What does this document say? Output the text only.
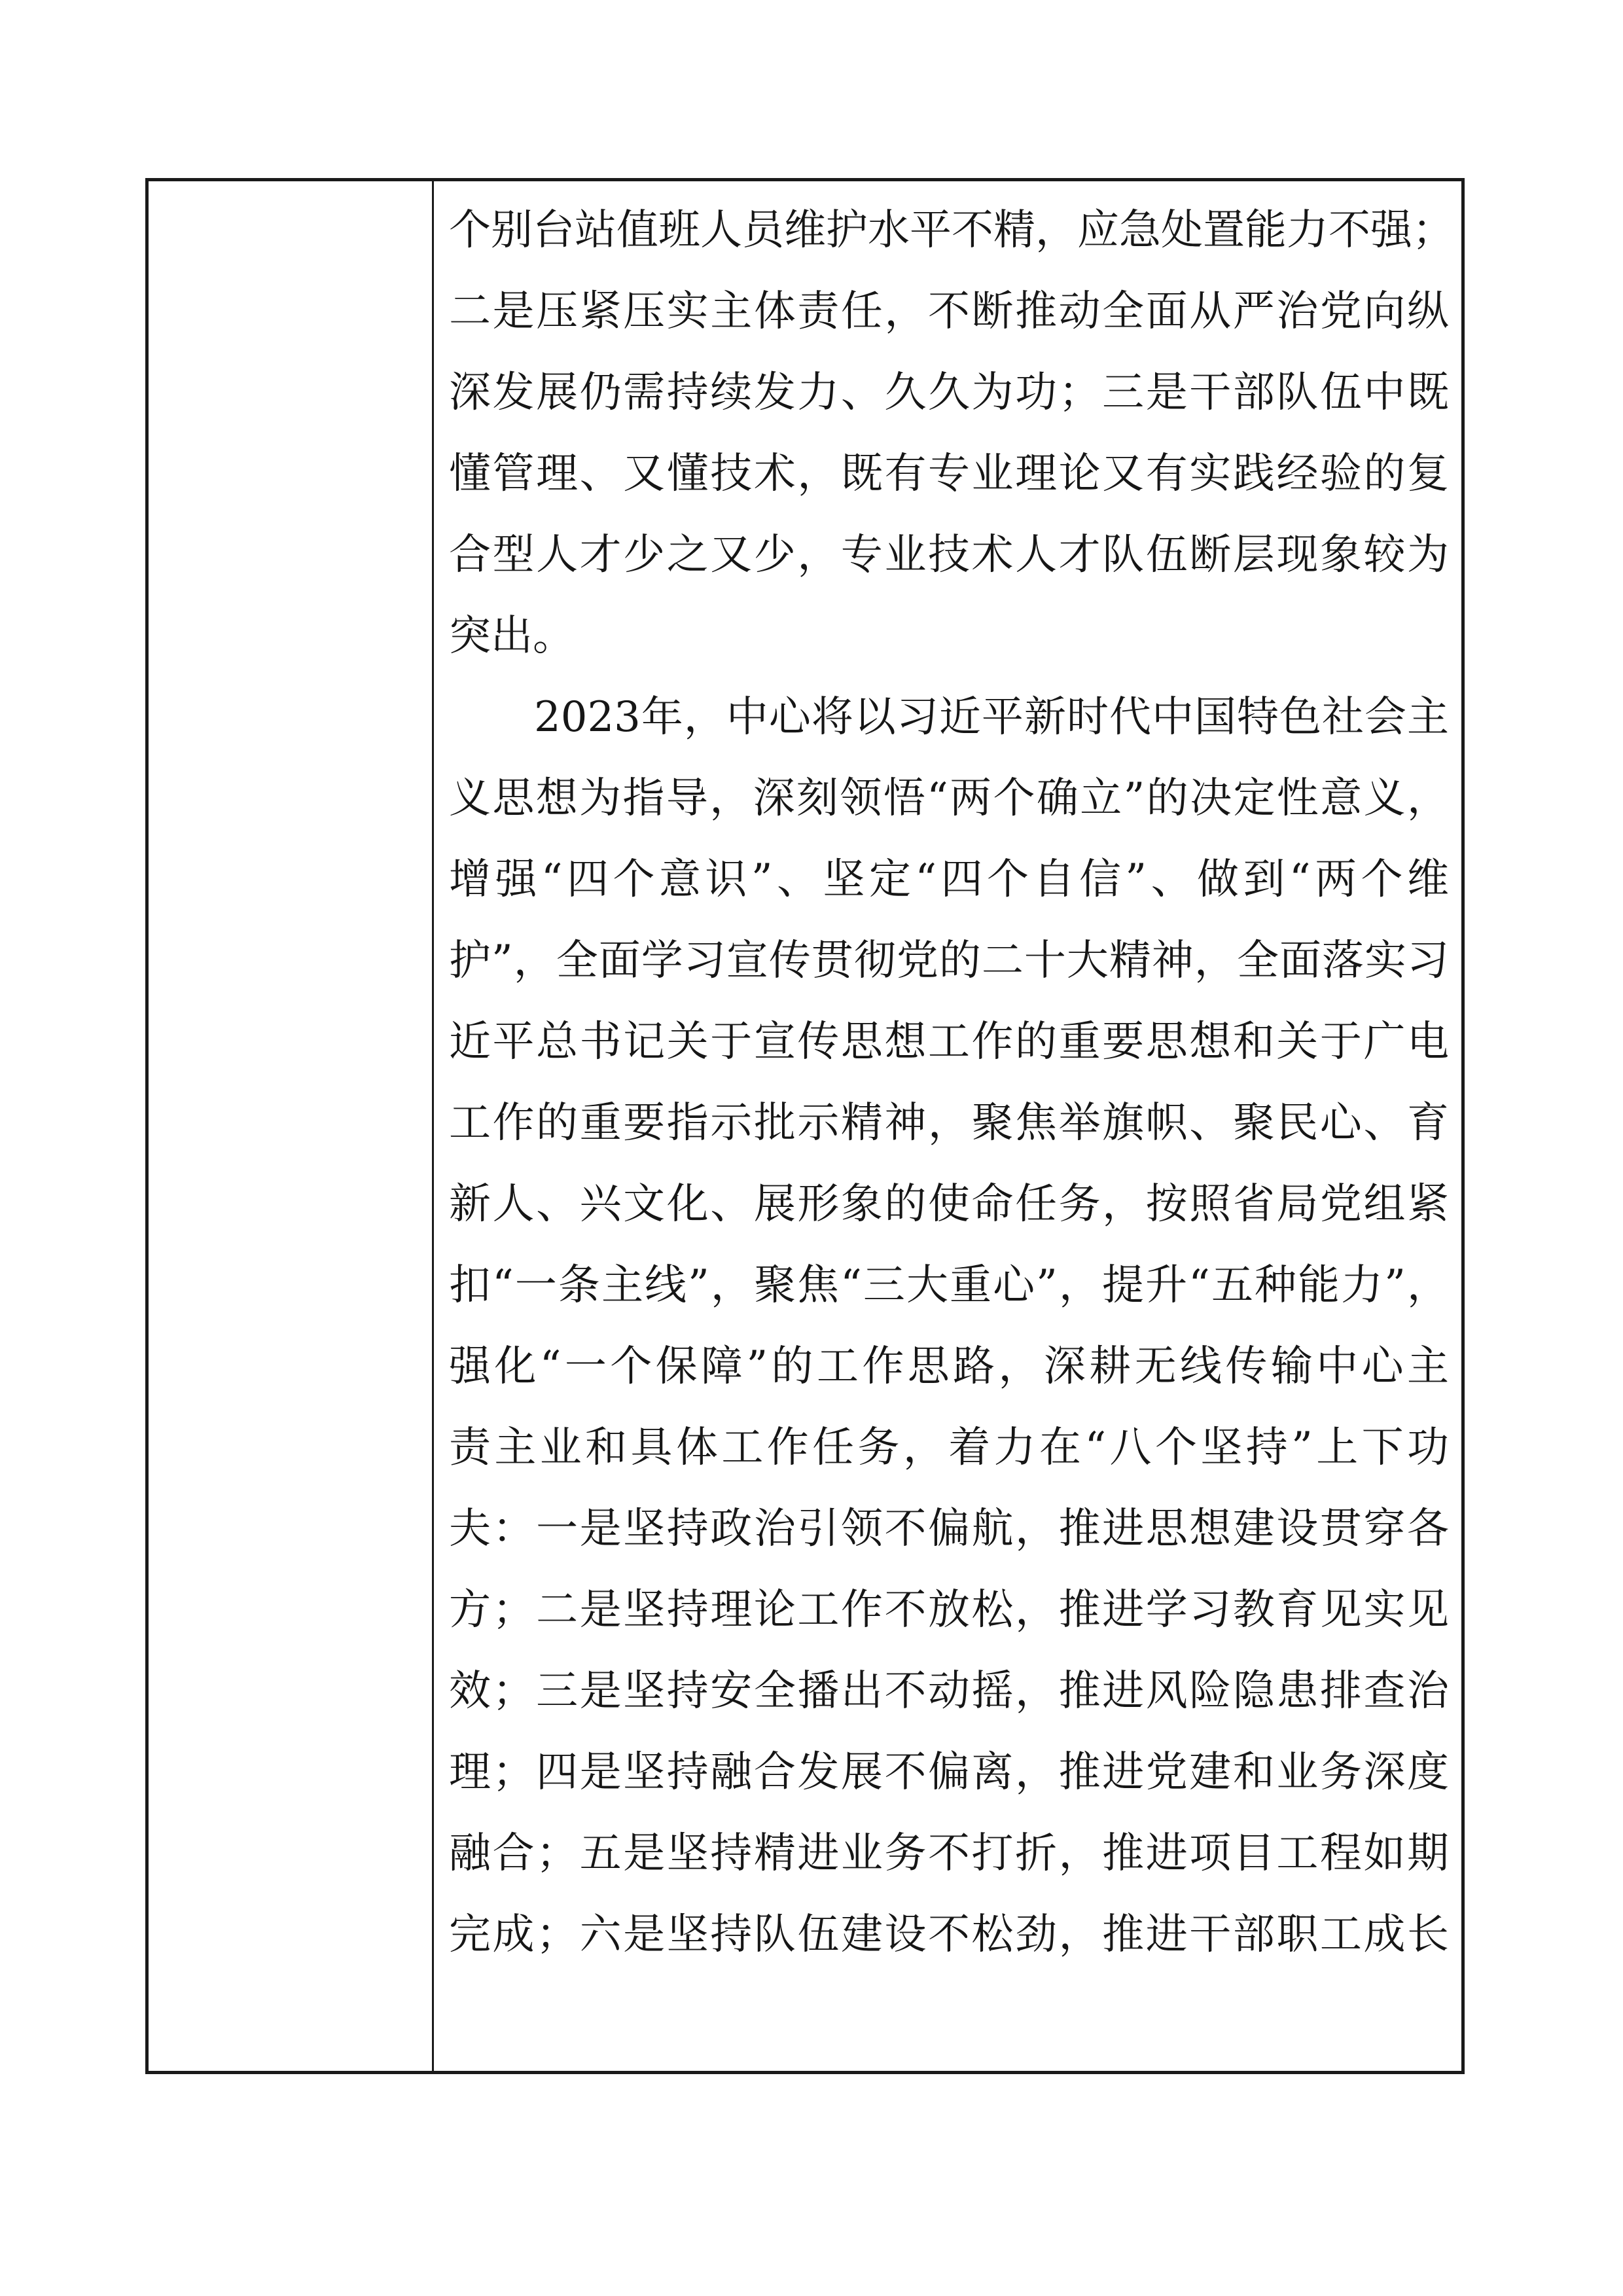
个别台站值班人员维护水平不精，应急处置能力不强；
二是压紧压实主体责任，不断推动全面从严治党向纵
深发展仍需持续发力、久久为功；三是干部队伍中既
懂管理、又懂技术，既有专业理论又有实践经验的复
合型人才少之又少，专业技术人才队伍断层现象较为
突出。
2023年，中心将以习近平新时代中国特色社会主
义思想为指导，深刻领悟“两个确立”的决定性意义，
增强“四个意识”、坚定“四个自信”、做到“两个维
护”，全面学习宣传贯彻党的二十大精神，全面落实习
近平总书记关于宣传思想工作的重要思想和关于广电
工作的重要指示批示精神，聚焦举旗帜、聚民心、育
新人、兴文化、展形象的使命任务，按照省局党组紧
扣“一条主线”，聚焦“三大重心”，提升“五种能力”，
强化“一个保障”的工作思路，深耕无线传输中心主
责主业和具体工作任务，着力在“八个坚持”上下功
夫：一是坚持政治引领不偏航，推进思想建设贯穿各
方；二是坚持理论工作不放松，推进学习教育见实见
效；三是坚持安全播出不动摇，推进风险隐患排查治
理；四是坚持融合发展不偏离，推进党建和业务深度
融合；五是坚持精进业务不打折，推进项目工程如期
完成；六是坚持队伍建设不松劲，推进干部职工成长
